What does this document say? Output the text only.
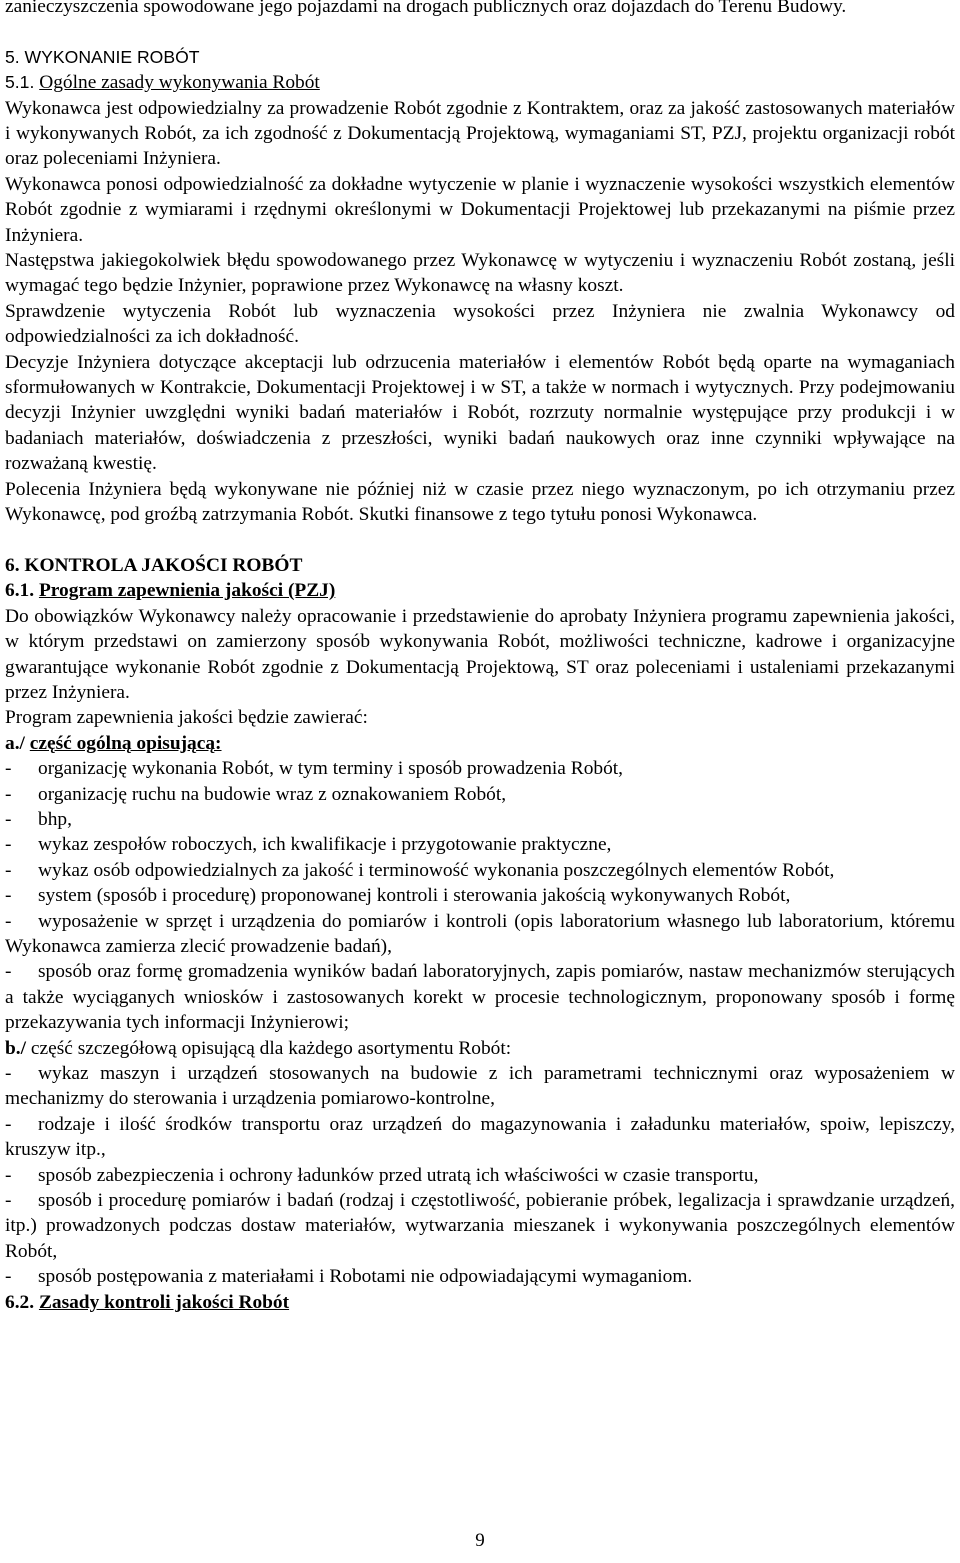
zanieczyszczenia spowodowane jego pojazdami na drogach publicznych oraz dojazdach do Terenu Budowy.

5. WYKONANIE ROBÓT

5.1. Ogólne zasady wykonywania Robót

Wykonawca jest odpowiedzialny za prowadzenie Robót zgodnie z Kontraktem, oraz za jakość zastosowanych materiałów i wykonywanych Robót, za ich zgodność z Dokumentacją Projektową, wymaganiami ST, PZJ, projektu organizacji robót oraz poleceniami Inżyniera.

Wykonawca ponosi odpowiedzialność za dokładne wytyczenie w planie i wyznaczenie wysokości wszystkich elementów Robót zgodnie z wymiarami i rzędnymi określonymi w Dokumentacji Projektowej lub przekazanymi na piśmie przez Inżyniera.

Następstwa jakiegokolwiek błędu spowodowanego przez Wykonawcę w wytyczeniu i wyznaczeniu Robót zostaną, jeśli wymagać tego będzie Inżynier, poprawione przez Wykonawcę na własny koszt.

Sprawdzenie wytyczenia Robót lub wyznaczenia wysokości przez Inżyniera nie zwalnia Wykonawcy od odpowiedzialności za ich dokładność.

Decyzje Inżyniera dotyczące akceptacji lub odrzucenia materiałów i elementów Robót będą oparte na wymaganiach sformułowanych w Kontrakcie, Dokumentacji Projektowej i w ST, a także w normach i wytycznych. Przy podejmowaniu decyzji Inżynier uwzględni wyniki badań materiałów i Robót, rozrzuty normalnie występujące przy produkcji i w badaniach materiałów, doświadczenia z przeszłości, wyniki badań naukowych oraz inne czynniki wpływające na rozważaną kwestię.

Polecenia Inżyniera będą wykonywane nie później niż w czasie przez niego wyznaczonym, po ich otrzymaniu przez Wykonawcę, pod groźbą zatrzymania Robót. Skutki finansowe z tego tytułu ponosi Wykonawca.

6. KONTROLA JAKOŚCI ROBÓT

6.1. Program zapewnienia jakości (PZJ)

Do obowiązków Wykonawcy należy opracowanie i przedstawienie do aprobaty Inżyniera programu zapewnienia jakości, w którym przedstawi on zamierzony sposób wykonywania Robót, możliwości techniczne, kadrowe i organizacyjne gwarantujące wykonanie Robót zgodnie z Dokumentacją Projektową, ST oraz poleceniami i ustaleniami przekazanymi przez Inżyniera.

Program zapewnienia jakości będzie zawierać:

a./ część ogólną opisującą:

- organizację wykonania Robót, w tym terminy i sposób prowadzenia Robót,

- organizację ruchu na budowie wraz z oznakowaniem Robót,

- bhp,

- wykaz zespołów roboczych, ich kwalifikacje i przygotowanie praktyczne,

- wykaz osób odpowiedzialnych za jakość i terminowość wykonania poszczególnych elementów Robót,

- system (sposób i procedurę) proponowanej kontroli i sterowania jakością wykonywanych Robót,

- wyposażenie w sprzęt i urządzenia do pomiarów i kontroli (opis laboratorium własnego lub laboratorium, któremu Wykonawca zamierza zlecić prowadzenie badań),

- sposób oraz formę gromadzenia wyników badań laboratoryjnych, zapis pomiarów, nastaw mechanizmów sterujących a także wyciąganych wniosków i zastosowanych korekt w procesie technologicznym, proponowany sposób i formę przekazywania tych informacji Inżynierowi;

b./ część szczegółową opisującą dla każdego asortymentu Robót:

- wykaz maszyn i urządzeń stosowanych na budowie z ich parametrami technicznymi oraz wyposażeniem w mechanizmy do sterowania i urządzenia pomiarowo-kontrolne,

- rodzaje i ilość środków transportu oraz urządzeń do magazynowania i załadunku materiałów, spoiw, lepiszczy, kruszyw itp.,

- sposób zabezpieczenia i ochrony ładunków przed utratą ich właściwości w czasie transportu,

- sposób i procedurę pomiarów i badań (rodzaj i częstotliwość, pobieranie próbek, legalizacja i sprawdzanie urządzeń, itp.) prowadzonych podczas dostaw materiałów, wytwarzania mieszanek i wykonywania poszczególnych elementów Robót,

- sposób postępowania z materiałami i Robotami nie odpowiadającymi wymaganiom.

6.2. Zasady kontroli jakości Robót

9
